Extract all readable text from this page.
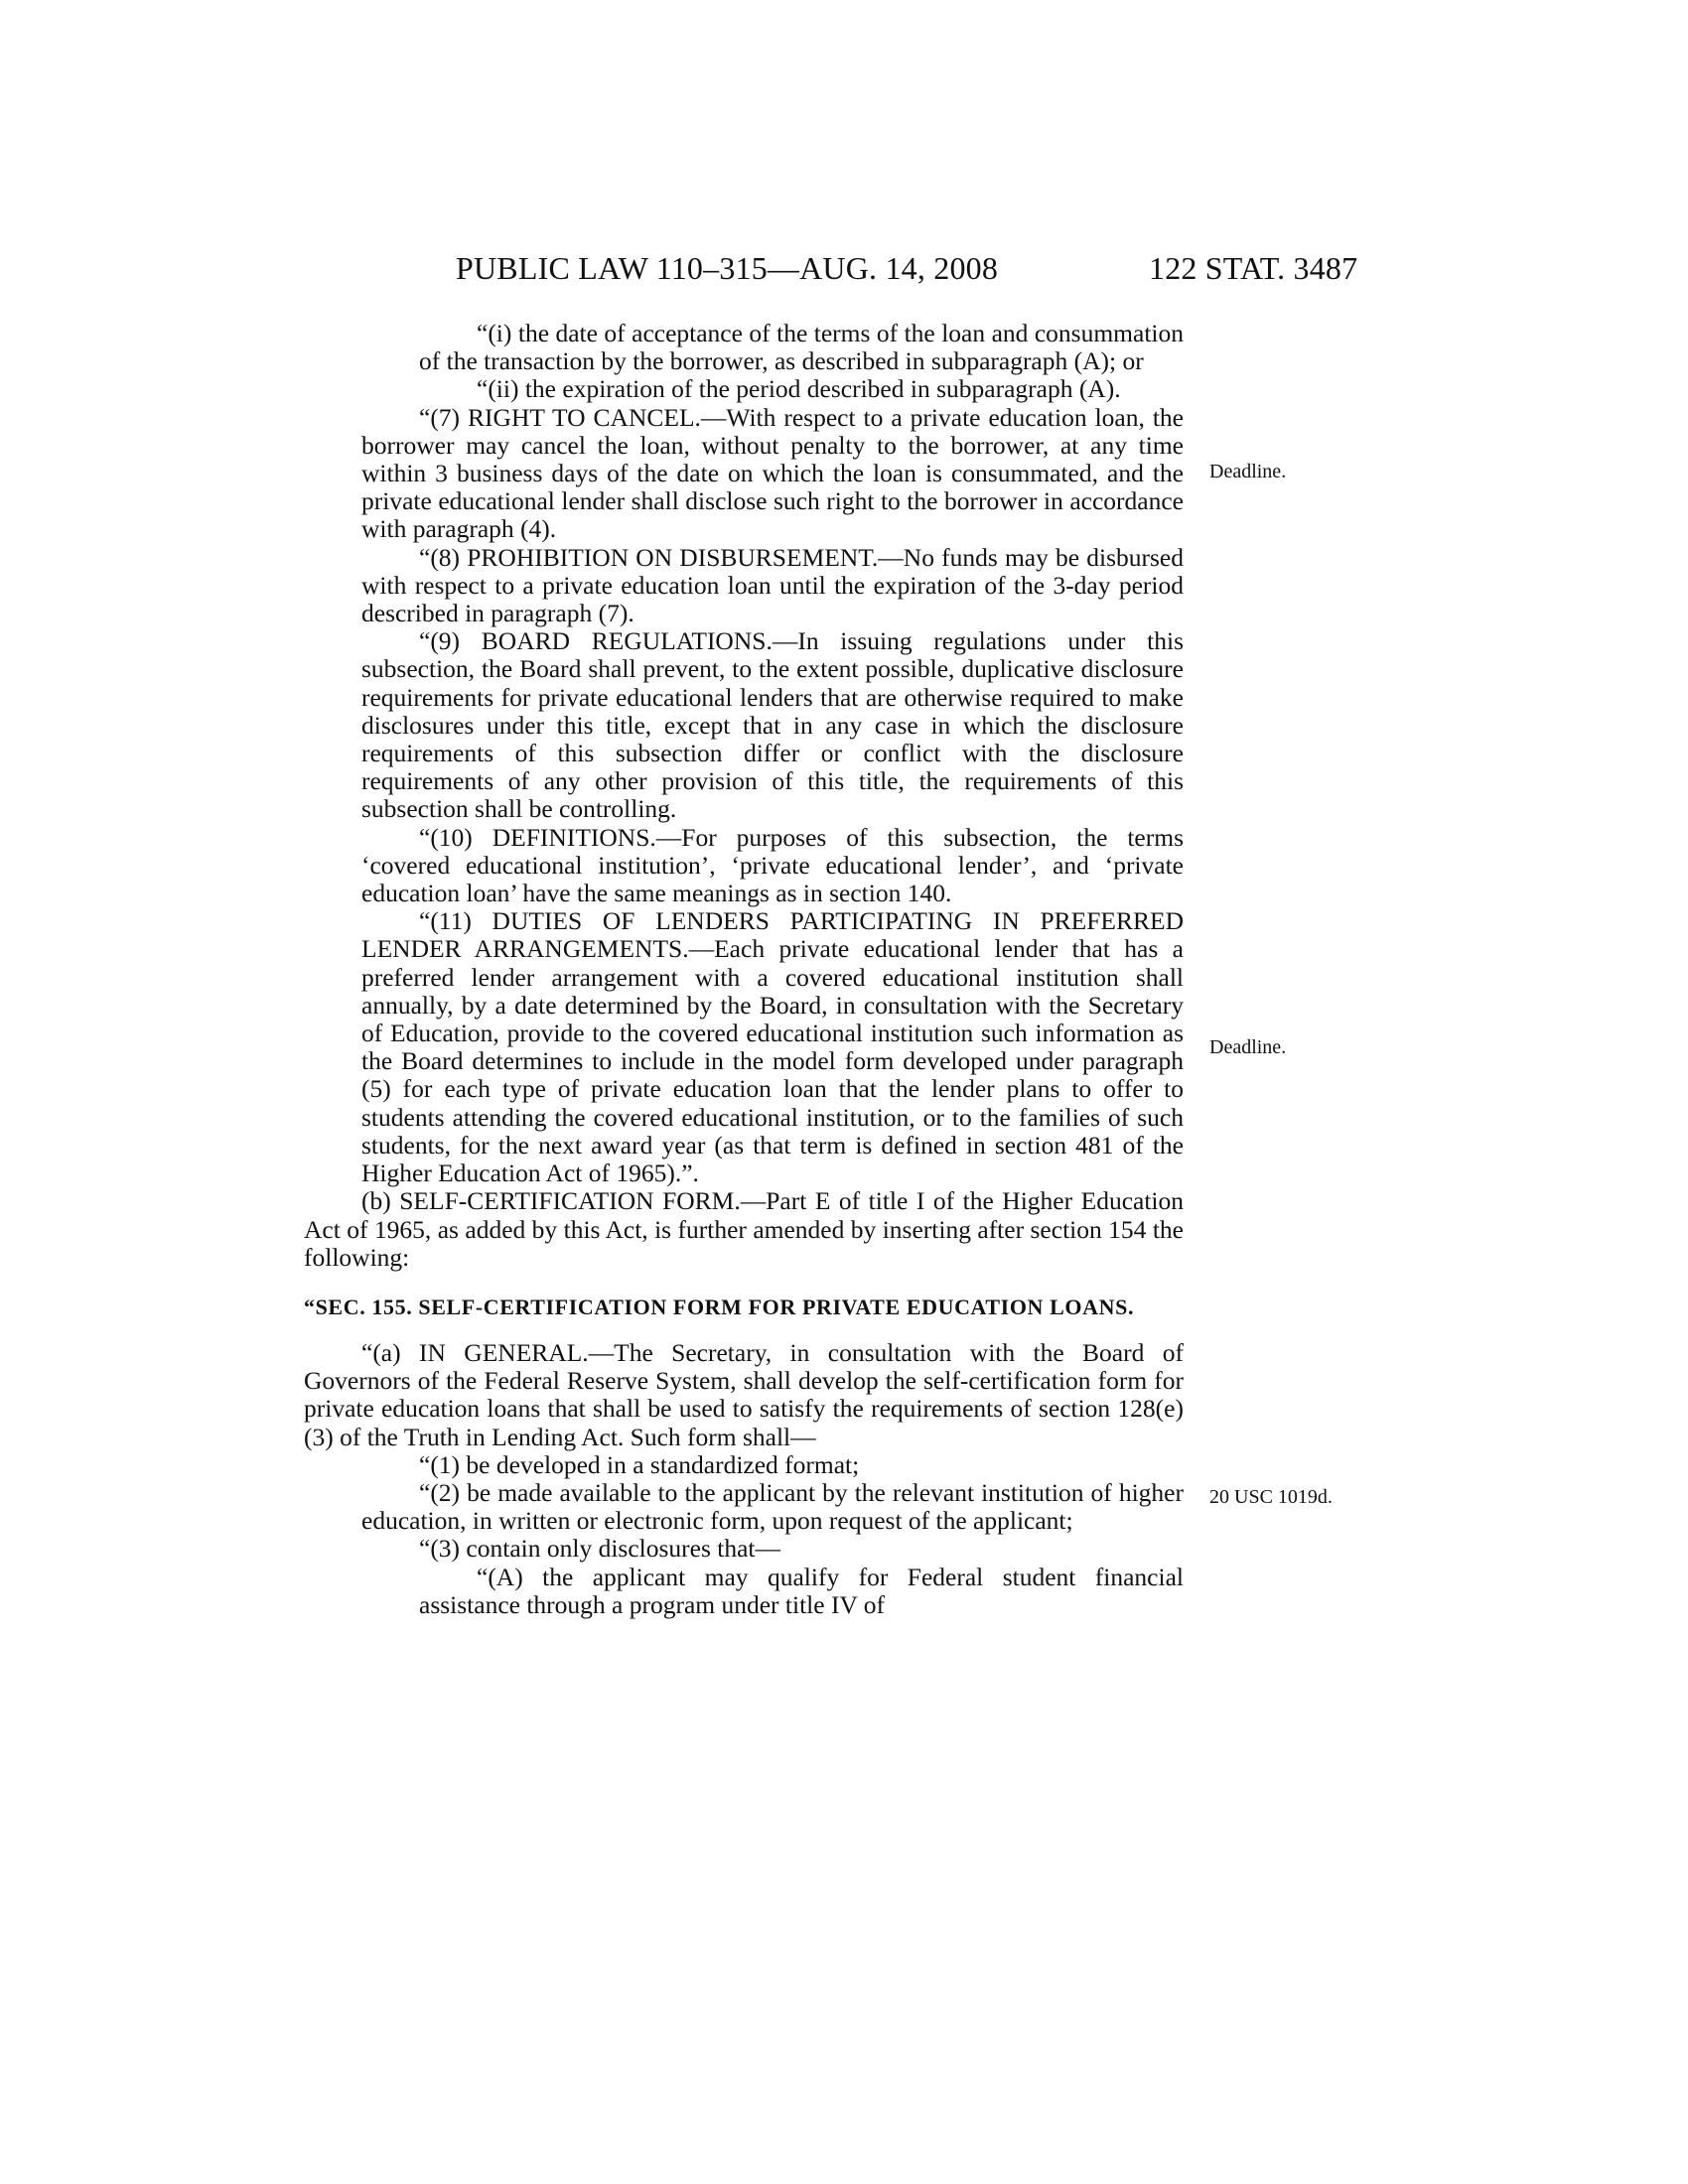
PUBLIC LAW 110–315—AUG. 14, 2008	122 STAT. 3487
Deadline.
Deadline.
20 USC 1019d.

“(i) the date of acceptance of the terms of the loan and consummation of the transaction by the borrower, as described in subparagraph (A); or

“(ii) the expiration of the period described in subparagraph (A).

“(7) RIGHT TO CANCEL.—With respect to a private education loan, the borrower may cancel the loan, without penalty to the borrower, at any time within 3 business days of the date on which the loan is consummated, and the private educational lender shall disclose such right to the borrower in accordance with paragraph (4).

“(8) PROHIBITION ON DISBURSEMENT.—No funds may be disbursed with respect to a private education loan until the expiration of the 3-day period described in paragraph (7).

“(9) BOARD REGULATIONS.—In issuing regulations under this subsection, the Board shall prevent, to the extent possible, duplicative disclosure requirements for private educational lenders that are otherwise required to make disclosures under this title, except that in any case in which the disclosure requirements of this subsection differ or conflict with the disclosure requirements of any other provision of this title, the requirements of this subsection shall be controlling.

“(10) DEFINITIONS.—For purposes of this subsection, the terms ‘covered educational institution’, ‘private educational lender’, and ‘private education loan’ have the same meanings as in section 140.

“(11) DUTIES OF LENDERS PARTICIPATING IN PREFERRED LENDER ARRANGEMENTS.—Each private educational lender that has a preferred lender arrangement with a covered educational institution shall annually, by a date determined by the Board, in consultation with the Secretary of Education, provide to the covered educational institution such information as the Board determines to include in the model form developed under paragraph (5) for each type of private education loan that the lender plans to offer to students attending the covered educational institution, or to the families of such students, for the next award year (as that term is defined in section 481 of the Higher Education Act of 1965).”.

(b) SELF-CERTIFICATION FORM.—Part E of title I of the Higher Education Act of 1965, as added by this Act, is further amended by inserting after section 154 the following:

“SEC. 155. SELF-CERTIFICATION FORM FOR PRIVATE EDUCATION LOANS.

“(a) IN GENERAL.—The Secretary, in consultation with the Board of Governors of the Federal Reserve System, shall develop the self-certification form for private education loans that shall be used to satisfy the requirements of section 128(e)(3) of the Truth in Lending Act. Such form shall—

“(1) be developed in a standardized format;

“(2) be made available to the applicant by the relevant institution of higher education, in written or electronic form, upon request of the applicant;

“(3) contain only disclosures that—

“(A) the applicant may qualify for Federal student financial assistance through a program under title IV of
